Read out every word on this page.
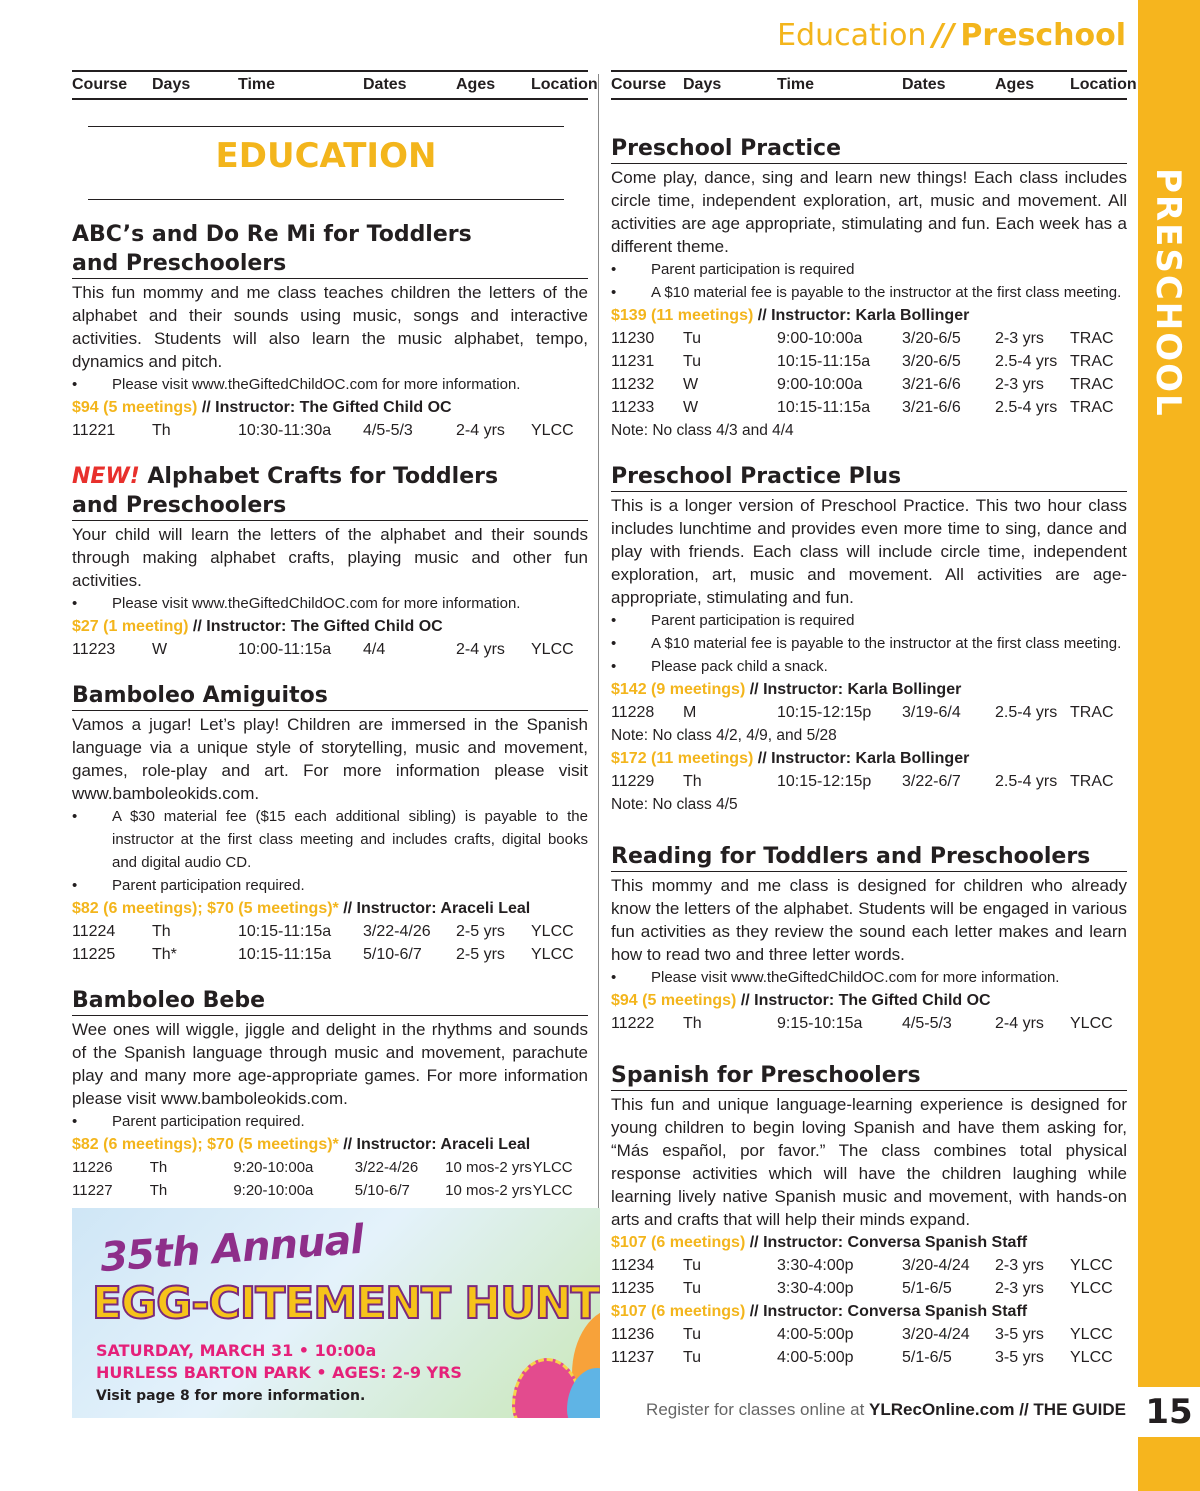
Education // Preschool
PRESCHOOL
15
Course	Days	Time	Dates	Ages	Location
EDUCATION
ABC’s and Do Re Mi for Toddlers
and Preschoolers

This fun mommy and me class teaches children the letters of the alphabet and their sounds using music, songs and interactive activities. Students will also learn the music alphabet, tempo, dynamics and pitch.

• Please visit www.theGiftedChildOC.com for more information.
$94 (5 meetings) // Instructor: The Gifted Child OC
11221	Th	10:30-11:30a	4/5-5/3	2-4 yrs	YLCC
NEW! Alphabet Crafts for Toddlers
and Preschoolers

Your child will learn the letters of the alphabet and their sounds through making alphabet crafts, playing music and other fun activities.

• Please visit www.theGiftedChildOC.com for more information.
$27 (1 meeting) // Instructor: The Gifted Child OC
11223	W	10:00-11:15a	4/4	2-4 yrs	YLCC
Bamboleo Amiguitos

Vamos a jugar! Let’s play! Children are immersed in the Spanish language via a unique style of storytelling, music and movement, games, role-play and art. For more information please visit www.bamboleokids.com.

• A $30 material fee ($15 each additional sibling) is payable to the instructor at the first class meeting and includes crafts, digital books and digital audio CD.
• Parent participation required.
$82 (6 meetings); $70 (5 meetings)* // Instructor: Araceli Leal
11224	Th	10:15-11:15a	3/22-4/26	2-5 yrs	YLCC
11225	Th*	10:15-11:15a	5/10-6/7	2-5 yrs	YLCC
Bamboleo Bebe

Wee ones will wiggle, jiggle and delight in the rhythms and sounds of the Spanish language through music and movement, parachute play and many more age-appropriate games. For more information please visit www.bamboleokids.com.

• Parent participation required.
$82 (6 meetings); $70 (5 meetings)* // Instructor: Araceli Leal
11226	Th	9:20-10:00a	3/22-4/26	10 mos-2 yrs YLCC
11227	Th	9:20-10:00a	5/10-6/7	10 mos-2 yrs YLCC
35th Annual
EGG-CITEMENT HUNT
SATURDAY, MARCH 31 • 10:00a
HURLESS BARTON PARK • AGES: 2-9 YRS
Visit page 8 for more information.
Course	Days	Time	Dates	Ages	Location
Preschool Practice

Come play, dance, sing and learn new things! Each class includes circle time, independent exploration, art, music and movement. All activities are age appropriate, stimulating and fun. Each week has a different theme.

• Parent participation is required
• A $10 material fee is payable to the instructor at the first class meeting.
$139 (11 meetings) // Instructor: Karla Bollinger
11230	Tu	9:00-10:00a	3/20-6/5	2-3 yrs	TRAC
11231	Tu	10:15-11:15a	3/20-6/5	2.5-4 yrs TRAC
11232	W	9:00-10:00a	3/21-6/6	2-3 yrs	TRAC
11233	W	10:15-11:15a	3/21-6/6	2.5-4 yrs TRAC
Note: No class 4/3 and 4/4
Preschool Practice Plus

This is a longer version of Preschool Practice. This two hour class includes lunchtime and provides even more time to sing, dance and play with friends. Each class will include circle time, independent exploration, art, music and movement. All activities are age-appropriate, stimulating and fun.

• Parent participation is required
• A $10 material fee is payable to the instructor at the first class meeting.
• Please pack child a snack.
$142 (9 meetings) // Instructor: Karla Bollinger
11228	M	10:15-12:15p	3/19-6/4	2.5-4 yrs TRAC
Note: No class 4/2, 4/9, and 5/28
$172 (11 meetings) // Instructor: Karla Bollinger
11229	Th	10:15-12:15p	3/22-6/7	2.5-4 yrs TRAC
Note: No class 4/5
Reading for Toddlers and Preschoolers

This mommy and me class is designed for children who already know the letters of the alphabet. Students will be engaged in various fun activities as they review the sound each letter makes and learn how to read two and three letter words.

• Please visit www.theGiftedChildOC.com for more information.
$94 (5 meetings) // Instructor: The Gifted Child OC
11222	Th	9:15-10:15a	4/5-5/3	2-4 yrs	YLCC
Spanish for Preschoolers

This fun and unique language-learning experience is designed for young children to begin loving Spanish and have them asking for, “Más español, por favor.” The class combines total physical response activities which will have the children laughing while learning lively native Spanish music and movement, with hands-on arts and crafts that will help their minds expand.

$107 (6 meetings) // Instructor: Conversa Spanish Staff
11234	Tu	3:30-4:00p	3/20-4/24	2-3 yrs	YLCC
11235	Tu	3:30-4:00p	5/1-6/5	2-3 yrs	YLCC
$107 (6 meetings) // Instructor: Conversa Spanish Staff
11236	Tu	4:00-5:00p	3/20-4/24	3-5 yrs	YLCC
11237	Tu	4:00-5:00p	5/1-6/5	3-5 yrs	YLCC
Register for classes online at YLRecOnline.com // THE GUIDE
